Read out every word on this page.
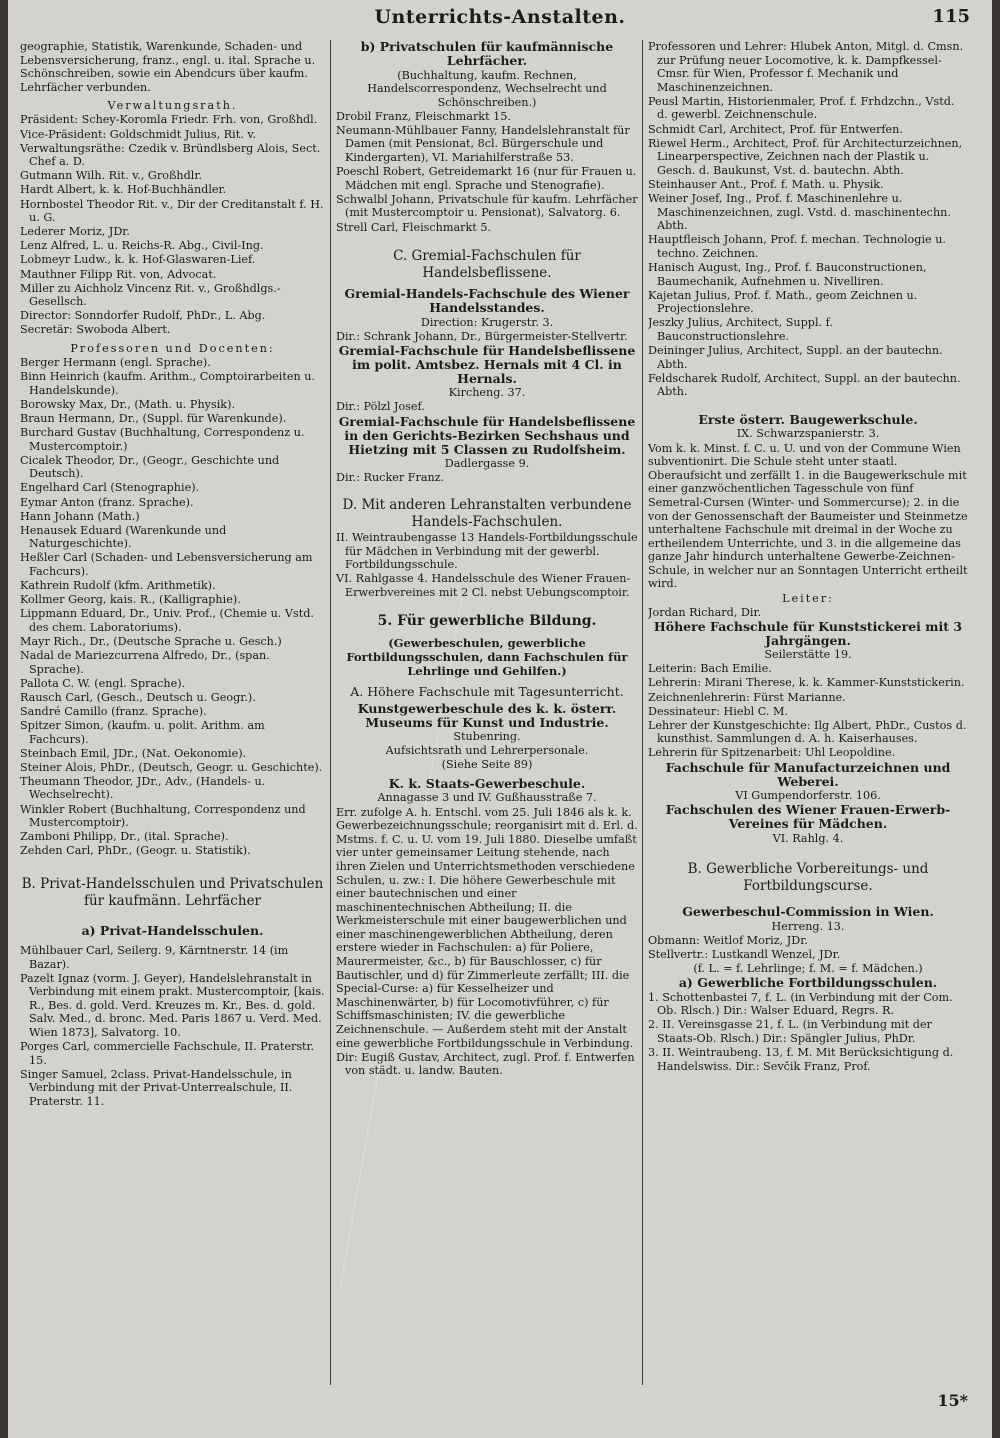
Unterrichts-Anstalten.	115

geographie, Statistik, Warenkunde, Schaden- und Lebensversicherung, franz., engl. u. ital. Sprache u. Schönschreiben, sowie ein Abendcurs über kaufm. Lehrfächer verbunden.

Verwaltungsrath.

Präsident: Schey-Koromla Friedr. Frh. von, Großhdl.

Vice-Präsident: Goldschmidt Julius, Rit. v.

Verwaltungsräthe: Czedik v. Bründlsberg Alois, Sect. Chef a. D.

Gutmann Wilh. Rit. v., Großhdlr.

Hardt Albert, k. k. Hof-Buchhändler.

Hornbostel Theodor Rit. v., Dir der Creditanstalt f. H. u. G.

Lederer Moriz, JDr.

Lenz Alfred, L. u. Reichs-R. Abg., Civil-Ing.

Lobmeyr Ludw., k. k. Hof-Glaswaren-Lief.

Mauthner Filipp Rit. von, Advocat.

Miller zu Aichholz Vincenz Rit. v., Großhdlgs.-Gesellsch.

Director: Sonndorfer Rudolf, PhDr., L. Abg.

Secretär: Swoboda Albert.

Professoren und Docenten:

Berger Hermann (engl. Sprache).

Binn Heinrich (kaufm. Arithm., Comptoirarbeiten u. Handelskunde).

Borowsky Max, Dr., (Math. u. Physik).

Braun Hermann, Dr., (Suppl. für Warenkunde).

Burchard Gustav (Buchhaltung, Correspondenz u. Mustercomptoir.)

Cicalek Theodor, Dr., (Geogr., Geschichte und Deutsch).

Engelhard Carl (Stenographie).

Eymar Anton (franz. Sprache).

Hann Johann (Math.)

Henausek Eduard (Warenkunde und Naturgeschichte).

Heßler Carl (Schaden- und Lebensversicherung am Fachcurs).

Kathrein Rudolf (kfm. Arithmetik).

Kollmer Georg, kais. R., (Kalligraphie).

Lippmann Eduard, Dr., Univ. Prof., (Chemie u. Vstd. des chem. Laboratoriums).

Mayr Rich., Dr., (Deutsche Sprache u. Gesch.)

Nadal de Mariezcurrena Alfredo, Dr., (span. Sprache).

Pallota C. W. (engl. Sprache).

Rausch Carl, (Gesch., Deutsch u. Geogr.).

Sandré Camillo (franz. Sprache).

Spitzer Simon, (kaufm. u. polit. Arithm. am Fachcurs).

Steinbach Emil, JDr., (Nat. Oekonomie).

Steiner Alois, PhDr., (Deutsch, Geogr. u. Geschichte).

Theumann Theodor, JDr., Adv., (Handels- u. Wechselrecht).

Winkler Robert (Buchhaltung, Correspondenz und Mustercomptoir).

Zamboni Philipp, Dr., (ital. Sprache).

Zehden Carl, PhDr., (Geogr. u. Statistik).

B. Privat-Handelsschulen und Privatschulen für kaufmänn. Lehrfächer

a) Privat-Handelsschulen.

Mühlbauer Carl, Seilerg. 9, Kärntnerstr. 14 (im Bazar).

Pazelt Ignaz (vorm. J. Geyer), Handelslehranstalt in Verbindung mit einem prakt. Mustercomptoir, [kais. R., Bes. d. gold. Verd. Kreuzes m. Kr., Bes. d. gold. Salv. Med., d. bronc. Med. Paris 1867 u. Verd. Med. Wien 1873], Salvatorg. 10.

Porges Carl, commercielle Fachschule, II. Praterstr. 15.

Singer Samuel, 2class. Privat-Handelsschule, in Verbindung mit der Privat-Unterrealschule, II. Praterstr. 11.

b) Privatschulen für kaufmännische Lehrfächer.

(Buchhaltung, kaufm. Rechnen, Handelscorrespondenz, Wechselrecht und Schönschreiben.)

Drobil Franz, Fleischmarkt 15.

Neumann-Mühlbauer Fanny, Handelslehranstalt für Damen (mit Pensionat, 8cl. Bürgerschule und Kindergarten), VI. Mariahilferstraße 53.

Poeschl Robert, Getreidemarkt 16 (nur für Frauen u. Mädchen mit engl. Sprache und Stenografie).

Schwalbl Johann, Privatschule für kaufm. Lehrfächer (mit Mustercomptoir u. Pensionat), Salvatorg. 6.

Strell Carl, Fleischmarkt 5.

C. Gremial-Fachschulen für Handelsbeflissene.

Gremial-Handels-Fachschule des Wiener Handelsstandes.

Direction: Krugerstr. 3.

Dir.: Schrank Johann, Dr., Bürgermeister-Stellvertr.

Gremial-Fachschule für Handelsbeflissene im polit. Amtsbez. Hernals mit 4 Cl. in Hernals.

Kircheng. 37.

Dir.: Pölzl Josef.

Gremial-Fachschule für Handelsbeflissene in den Gerichts-Bezirken Sechshaus und Hietzing mit 5 Classen zu Rudolfsheim.

Dadlergasse 9.

Dir.: Rucker Franz.

D. Mit anderen Lehranstalten verbundene Handels-Fachschulen.

II. Weintraubengasse 13 Handels-Fortbildungsschule für Mädchen in Verbindung mit der gewerbl. Fortbildungsschule.

VI. Rahlgasse 4. Handelsschule des Wiener Frauen-Erwerbvereines mit 2 Cl. nebst Uebungscomptoir.

5. Für gewerbliche Bildung.

(Gewerbeschulen, gewerbliche Fortbildungsschulen, dann Fachschulen für Lehrlinge und Gehilfen.)

A. Höhere Fachschule mit Tagesunterricht.

Kunstgewerbeschule des k. k. österr. Museums für Kunst und Industrie.

Stubenring.

Aufsichtsrath und Lehrerpersonale.

(Siehe Seite 89)

K. k. Staats-Gewerbeschule.

Annagasse 3 und IV. Gußhausstraße 7.

Err. zufolge A. h. Entschl. vom 25. Juli 1846 als k. k. Gewerbezeichnungsschule; reorganisirt mit d. Erl. d. Mstms. f. C. u. U. vom 19. Juli 1880. Dieselbe umfaßt vier unter gemeinsamer Leitung stehende, nach ihren Zielen und Unterrichtsmethoden verschiedene Schulen, u. zw.: I. Die höhere Gewerbeschule mit einer bautechnischen und einer maschinentechnischen Abtheilung; II. die Werkmeisterschule mit einer baugewerblichen und einer maschinengewerblichen Abtheilung, deren erstere wieder in Fachschulen: a) für Poliere, Maurermeister, &c., b) für Bauschlosser, c) für Bautischler, und d) für Zimmerleute zerfällt; III. die Special-Curse: a) für Kesselheizer und Maschinenwärter, b) für Locomotivführer, c) für Schiffsmaschinisten; IV. die gewerbliche Zeichnenschule. — Außerdem steht mit der Anstalt eine gewerbliche Fortbildungsschule in Verbindung.

Dir: Eugiß Gustav, Architect, zugl. Prof. f. Entwerfen von städt. u. landw. Bauten.

Professoren und Lehrer: Hlubek Anton, Mitgl. d. Cmsn. zur Prüfung neuer Locomotive, k. k. Dampfkessel-Cmsr. für Wien, Professor f. Mechanik und Maschinenzeichnen.

Peusl Martin, Historienmaler, Prof. f. Frhdzchn., Vstd. d. gewerbl. Zeichnenschule.

Schmidt Carl, Architect, Prof. für Entwerfen.

Riewel Herm., Architect, Prof. für Architecturzeichnen, Linearperspective, Zeichnen nach der Plastik u. Gesch. d. Baukunst, Vst. d. bautechn. Abth.

Steinhauser Ant., Prof. f. Math. u. Physik.

Weiner Josef, Ing., Prof. f. Maschinenlehre u. Maschinenzeichnen, zugl. Vstd. d. maschinentechn. Abth.

Hauptfleisch Johann, Prof. f. mechan. Technologie u. techno. Zeichnen.

Hanisch August, Ing., Prof. f. Bauconstructionen, Baumechanik, Aufnehmen u. Nivelliren.

Kajetan Julius, Prof. f. Math., geom Zeichnen u. Projectionslehre.

Jeszky Julius, Architect, Suppl. f. Bauconstructionslehre.

Deininger Julius, Architect, Suppl. an der bautechn. Abth.

Feldscharek Rudolf, Architect, Suppl. an der bautechn. Abth.

Erste österr. Baugewerkschule.

IX. Schwarzspanierstr. 3.

Vom k. k. Minst. f. C. u. U. und von der Commune Wien subventionirt. Die Schule steht unter staatl. Oberaufsicht und zerfällt 1. in die Baugewerkschule mit einer ganzwöchentlichen Tagesschule von fünf Semetral-Cursen (Winter- und Sommercurse); 2. in die von der Genossenschaft der Baumeister und Steinmetze unterhaltene Fachschule mit dreimal in der Woche zu ertheilendem Unterrichte, und 3. in die allgemeine das ganze Jahr hindurch unterhaltene Gewerbe-Zeichnen-Schule, in welcher nur an Sonntagen Unterricht ertheilt wird.

Leiter:

Jordan Richard, Dir.

Höhere Fachschule für Kunststickerei mit 3 Jahrgängen.

Seilerstätte 19.

Leiterin: Bach Emilie.

Lehrerin: Mirani Therese, k. k. Kammer-Kunststickerin.

Zeichnenlehrerin: Fürst Marianne.

Dessinateur: Hiebl C. M.

Lehrer der Kunstgeschichte: Ilg Albert, PhDr., Custos d. kunsthist. Sammlungen d. A. h. Kaiserhauses.

Lehrerin für Spitzenarbeit: Uhl Leopoldine.

Fachschule für Manufacturzeichnen und Weberei.

VI Gumpendorferstr. 106.

Fachschulen des Wiener Frauen-Erwerb-Vereines für Mädchen.

VI. Rahlg. 4.

B. Gewerbliche Vorbereitungs- und Fortbildungscurse.

Gewerbeschul-Commission in Wien.

Herreng. 13.

Obmann: Weitlof Moriz, JDr.

Stellvertr.: Lustkandl Wenzel, JDr.

(f. L. = f. Lehrlinge; f. M. = f. Mädchen.)

a) Gewerbliche Fortbildungsschulen.

1. Schottenbastei 7, f. L. (in Verbindung mit der Com. Ob. Rlsch.) Dir.: Walser Eduard, Regrs. R.

2. II. Vereinsgasse 21, f. L. (in Verbindung mit der Staats-Ob. Rlsch.) Dir.: Spängler Julius, PhDr.

3. II. Weintraubeng. 13, f. M. Mit Berücksichtigung d. Handelswiss. Dir.: Sevčik Franz, Prof.

15*
